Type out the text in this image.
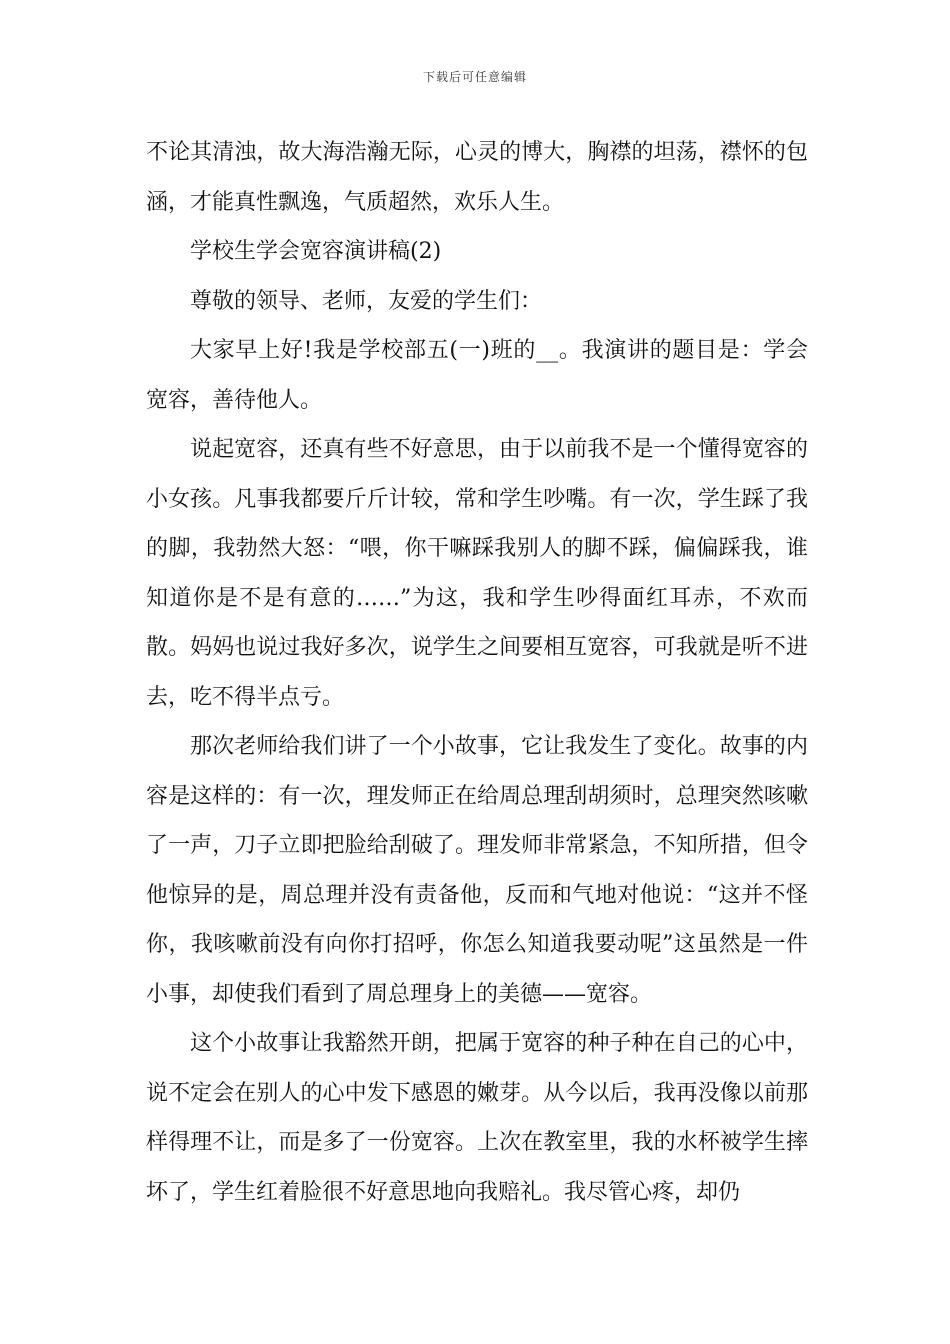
下载后可任意编辑

不论其清浊，故大海浩瀚无际，心灵的博大，胸襟的坦荡，襟怀的包涵，才能真性飘逸，气质超然，欢乐人生。

学校生学会宽容演讲稿(2)

尊敬的领导、老师，友爱的学生们：

大家早上好!我是学校部五(一)班的__。我演讲的题目是：学会宽容，善待他人。

说起宽容，还真有些不好意思，由于以前我不是一个懂得宽容的小女孩。凡事我都要斤斤计较，常和学生吵嘴。有一次，学生踩了我的脚，我勃然大怒：“喂，你干嘛踩我别人的脚不踩，偏偏踩我，谁知道你是不是有意的……”为这，我和学生吵得面红耳赤，不欢而散。妈妈也说过我好多次，说学生之间要相互宽容，可我就是听不进去，吃不得半点亏。

那次老师给我们讲了一个小故事，它让我发生了变化。故事的内容是这样的：有一次，理发师正在给周总理刮胡须时，总理突然咳嗽了一声，刀子立即把脸给刮破了。理发师非常紧急，不知所措，但令他惊异的是，周总理并没有责备他，反而和气地对他说：“这并不怪你，我咳嗽前没有向你打招呼，你怎么知道我要动呢”这虽然是一件小事，却使我们看到了周总理身上的美德——宽容。

这个小故事让我豁然开朗，把属于宽容的种子种在自己的心中，说不定会在别人的心中发下感恩的嫩芽。从今以后，我再没像以前那样得理不让，而是多了一份宽容。上次在教室里，我的水杯被学生摔坏了，学生红着脸很不好意思地向我赔礼。我尽管心疼，却仍
